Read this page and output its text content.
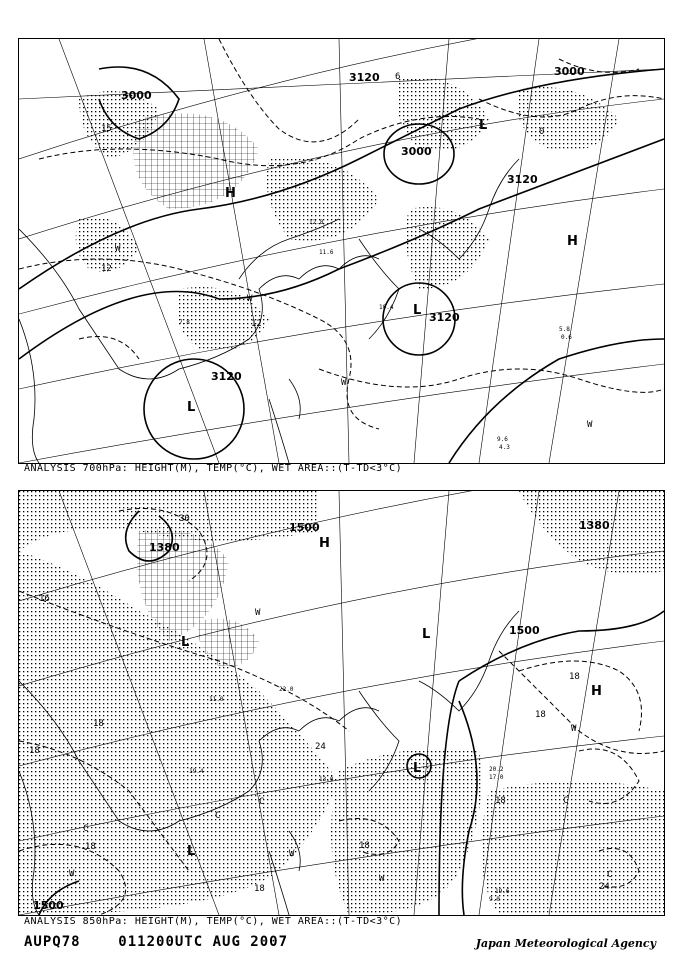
3000
3120
3000
3120
3120
3000
3120
12
12
15
6
0
L
L
L
H
H
W
W
W
W
9.6
4.3
5.8
0.6
12.8
11.6
10.4
7.8
ANALYSIS 700hPa: HEIGHT(M), TEMP(°C), WET AREA::(T-TD<3°C)
1500
1500
1380
1500	1380
30
18
18
18
18
18
18
24
18
18
24
16
L
L
L
H
C
C
C	C
C
W
W
W
W
W
L
H
19.6
20.2
17.0
19.4
13.0
22.0
11.0
9.0
ANALYSIS 850hPa: HEIGHT(M), TEMP(°C), WET AREA::(T-TD<3°C)
AUPQ78	011200UTC AUG 2007	Japan Meteorological Agency
